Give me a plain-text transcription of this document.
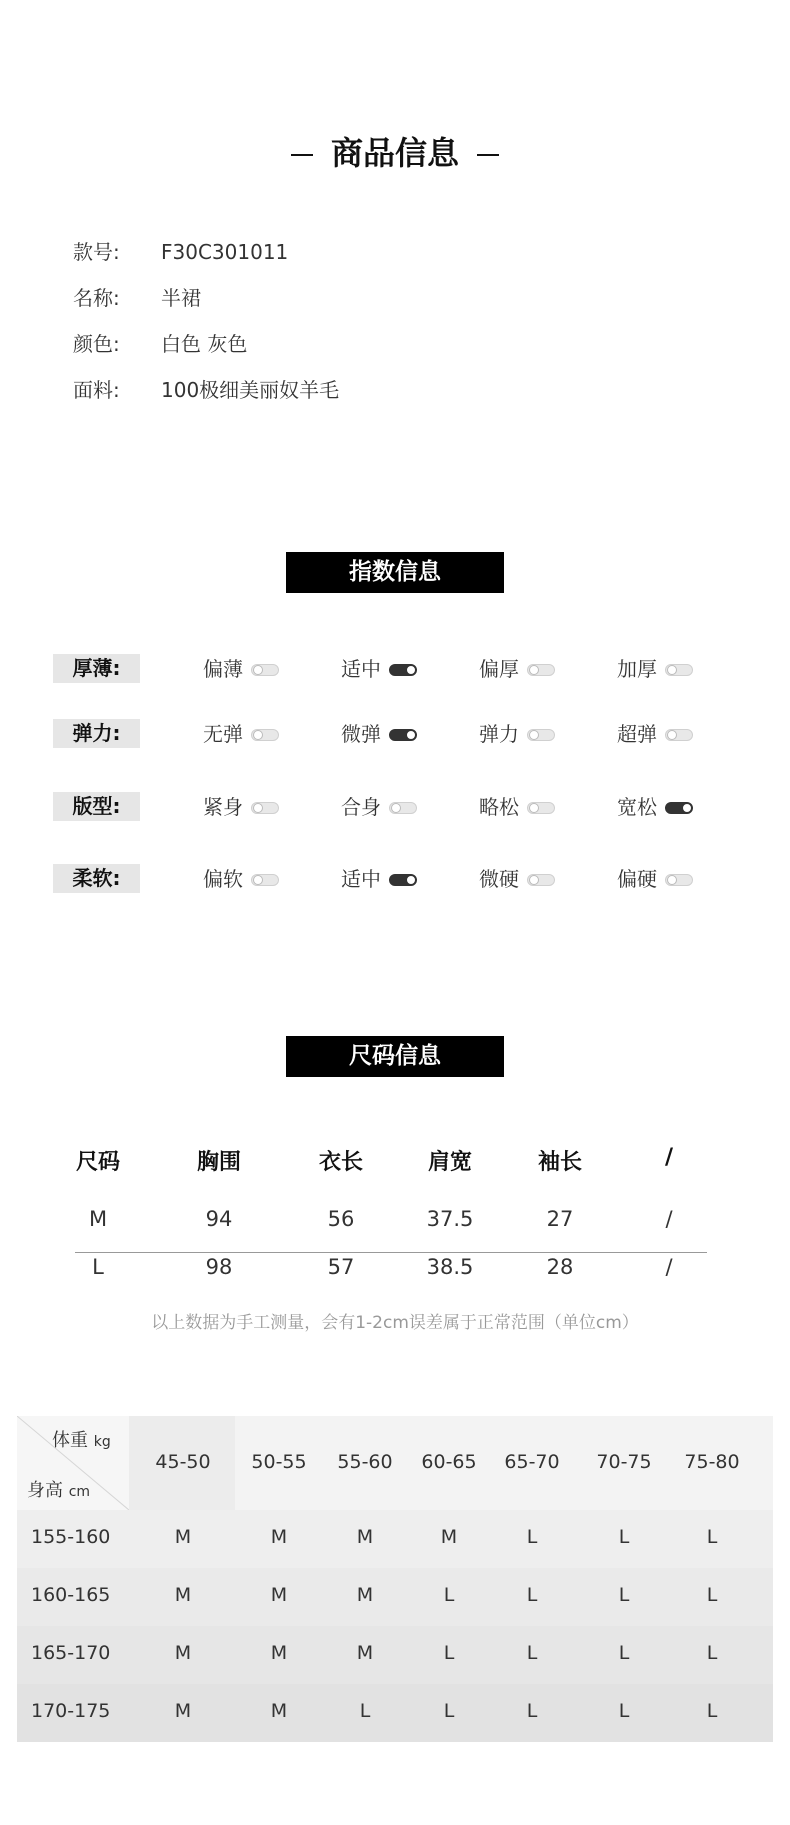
商品信息
款号: F30C301011
名称: 半裙
颜色: 白色 灰色
面料: 100极细美丽奴羊毛
指数信息
厚薄:	偏薄	适中	偏厚	加厚
弹力:	无弹	微弹	弹力	超弹
版型:	紧身	合身	略松	宽松
柔软:	偏软	适中	微硬	偏硬
尺码信息
尺码	胸围	衣长	肩宽	袖长	/
M	94	56	37.5	27	/
L	98	57	38.5	28	/
以上数据为手工测量，会有1-2cm误差属于正常范围（单位cm）
体重 kg
身高 cm
45-50	50-55	55-60	60-65	65-70	70-75	75-80
155-160	M	M	M	M	L	L	L
160-165	M	M	M	L	L	L	L
165-170	M	M	M	L	L	L	L
170-175	M	M	L	L	L	L	L
